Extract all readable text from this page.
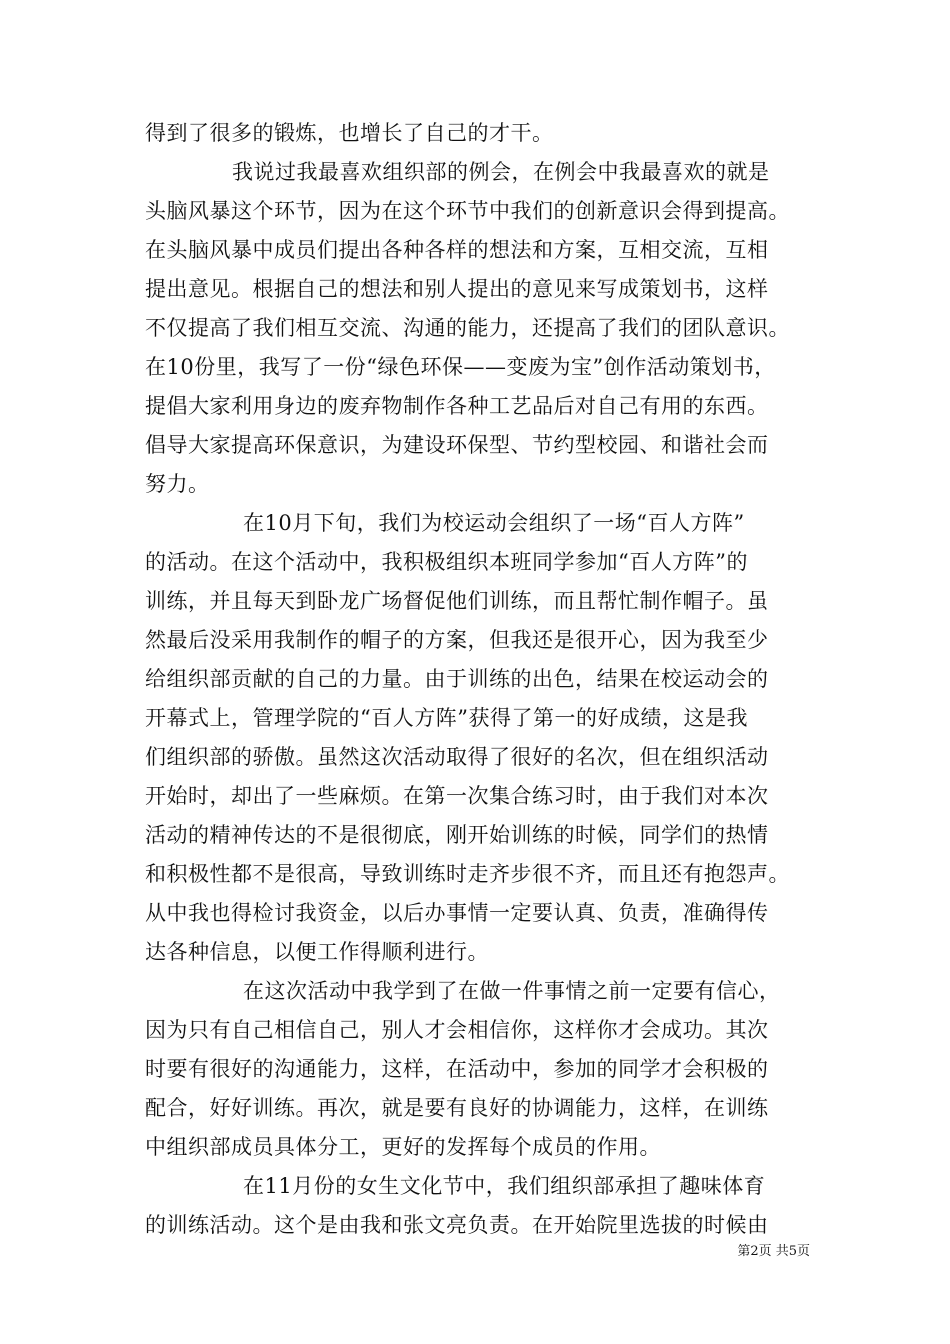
得到了很多的锻炼，也增长了自己的才干。
我说过我最喜欢组织部的例会，在例会中我最喜欢的就是
头脑风暴这个环节，因为在这个环节中我们的创新意识会得到提高。
在头脑风暴中成员们提出各种各样的想法和方案，互相交流，互相
提出意见。根据自己的想法和别人提出的意见来写成策划书，这样
不仅提高了我们相互交流、沟通的能力，还提高了我们的团队意识。
在10份里，我写了一份“绿色环保——变废为宝”创作活动策划书，
提倡大家利用身边的废弃物制作各种工艺品后对自己有用的东西。
倡导大家提高环保意识，为建设环保型、节约型校园、和谐社会而
努力。
在10月下旬，我们为校运动会组织了一场“百人方阵”
的活动。在这个活动中，我积极组织本班同学参加“百人方阵”的
训练，并且每天到卧龙广场督促他们训练，而且帮忙制作帽子。虽
然最后没采用我制作的帽子的方案，但我还是很开心，因为我至少
给组织部贡献的自己的力量。由于训练的出色，结果在校运动会的
开幕式上，管理学院的“百人方阵”获得了第一的好成绩，这是我
们组织部的骄傲。虽然这次活动取得了很好的名次，但在组织活动
开始时，却出了一些麻烦。在第一次集合练习时，由于我们对本次
活动的精神传达的不是很彻底，刚开始训练的时候，同学们的热情
和积极性都不是很高，导致训练时走齐步很不齐，而且还有抱怨声。
从中我也得检讨我资金，以后办事情一定要认真、负责，准确得传
达各种信息，以便工作得顺利进行。
在这次活动中我学到了在做一件事情之前一定要有信心，
因为只有自己相信自己，别人才会相信你，这样你才会成功。其次
时要有很好的沟通能力，这样，在活动中，参加的同学才会积极的
配合，好好训练。再次，就是要有良好的协调能力，这样，在训练
中组织部成员具体分工，更好的发挥每个成员的作用。
在11月份的女生文化节中，我们组织部承担了趣味体育
的训练活动。这个是由我和张文亮负责。在开始院里选拔的时候由
第2页 共5页
